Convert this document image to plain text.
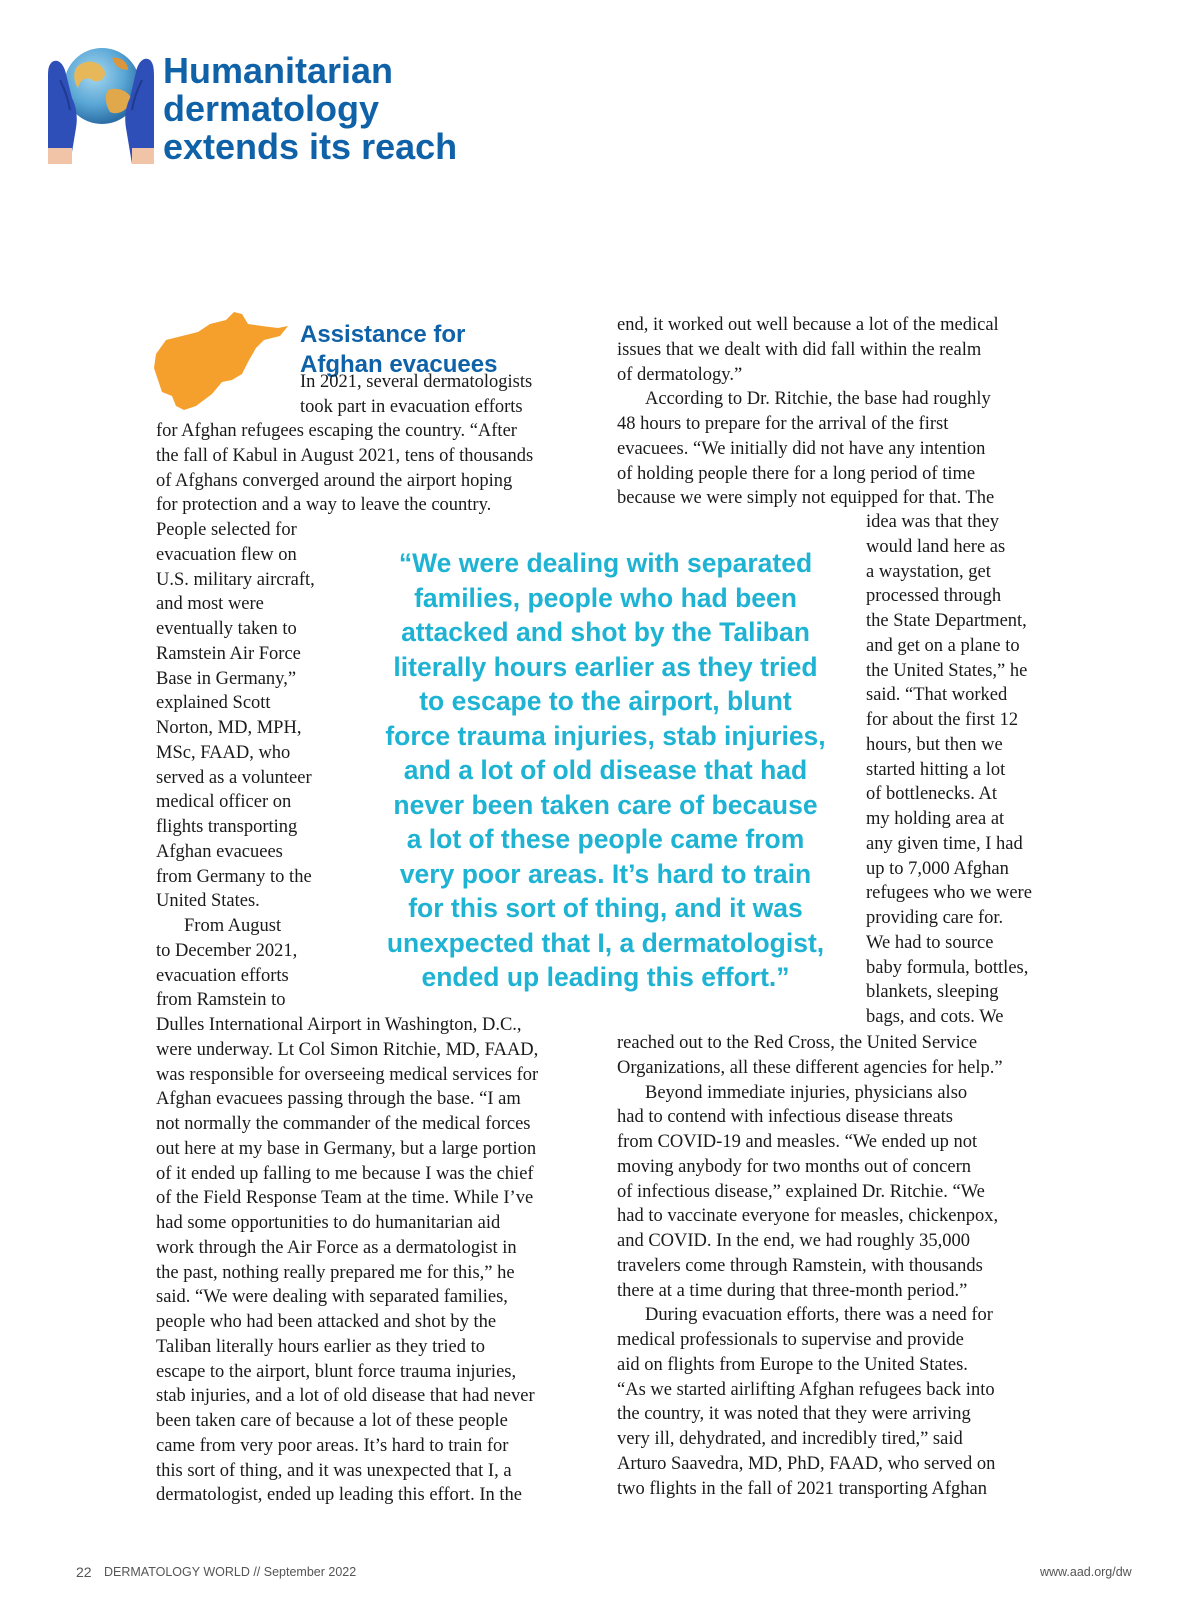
Humanitarian
dermatology
extends its reach
Assistance for
Afghan evacuees
In 2021, several dermatologists
took part in evacuation efforts
for Afghan refugees escaping the country. “After
the fall of Kabul in August 2021, tens of thousands
of Afghans converged around the airport hoping
for protection and a way to leave the country.
People selected for
evacuation flew on
U.S. military aircraft,
and most were
eventually taken to
Ramstein Air Force
Base in Germany,”
explained Scott
Norton, MD, MPH,
MSc, FAAD, who
served as a volunteer
medical officer on
flights transporting
Afghan evacuees
from Germany to the
United States.
From August
to December 2021,
evacuation efforts
from Ramstein to
Dulles International Airport in Washington, D.C.,
were underway. Lt Col Simon Ritchie, MD, FAAD,
was responsible for overseeing medical services for
Afghan evacuees passing through the base. “I am
not normally the commander of the medical forces
out here at my base in Germany, but a large portion
of it ended up falling to me because I was the chief
of the Field Response Team at the time. While I’ve
had some opportunities to do humanitarian aid
work through the Air Force as a dermatologist in
the past, nothing really prepared me for this,” he
said. “We were dealing with separated families,
people who had been attacked and shot by the
Taliban literally hours earlier as they tried to
escape to the airport, blunt force trauma injuries,
stab injuries, and a lot of old disease that had never
been taken care of because a lot of these people
came from very poor areas. It’s hard to train for
this sort of thing, and it was unexpected that I, a
dermatologist, ended up leading this effort. In the
end, it worked out well because a lot of the medical
issues that we dealt with did fall within the realm
of dermatology.”
According to Dr. Ritchie, the base had roughly
48 hours to prepare for the arrival of the first
evacuees. “We initially did not have any intention
of holding people there for a long period of time
because we were simply not equipped for that. The
idea was that they
would land here as
a waystation, get
processed through
the State Department,
and get on a plane to
the United States,” he
said. “That worked
for about the first 12
hours, but then we
started hitting a lot
of bottlenecks. At
my holding area at
any given time, I had
up to 7,000 Afghan
refugees who we were
providing care for.
We had to source
baby formula, bottles,
blankets, sleeping
bags, and cots. We
reached out to the Red Cross, the United Service
Organizations, all these different agencies for help.”
Beyond immediate injuries, physicians also
had to contend with infectious disease threats
from COVID-19 and measles. “We ended up not
moving anybody for two months out of concern
of infectious disease,” explained Dr. Ritchie. “We
had to vaccinate everyone for measles, chickenpox,
and COVID. In the end, we had roughly 35,000
travelers come through Ramstein, with thousands
there at a time during that three-month period.”
During evacuation efforts, there was a need for
medical professionals to supervise and provide
aid on flights from Europe to the United States.
“As we started airlifting Afghan refugees back into
the country, it was noted that they were arriving
very ill, dehydrated, and incredibly tired,” said
Arturo Saavedra, MD, PhD, FAAD, who served on
two flights in the fall of 2021 transporting Afghan
“We were dealing with separated
families, people who had been
attacked and shot by the Taliban
literally hours earlier as they tried
to escape to the airport, blunt
force trauma injuries, stab injuries,
and a lot of old disease that had
never been taken care of because
a lot of these people came from
very poor areas. It’s hard to train
for this sort of thing, and it was
unexpected that I, a dermatologist,
ended up leading this effort.”
22 DERMATOLOGY WORLD // September 2022	www.aad.org/dw
